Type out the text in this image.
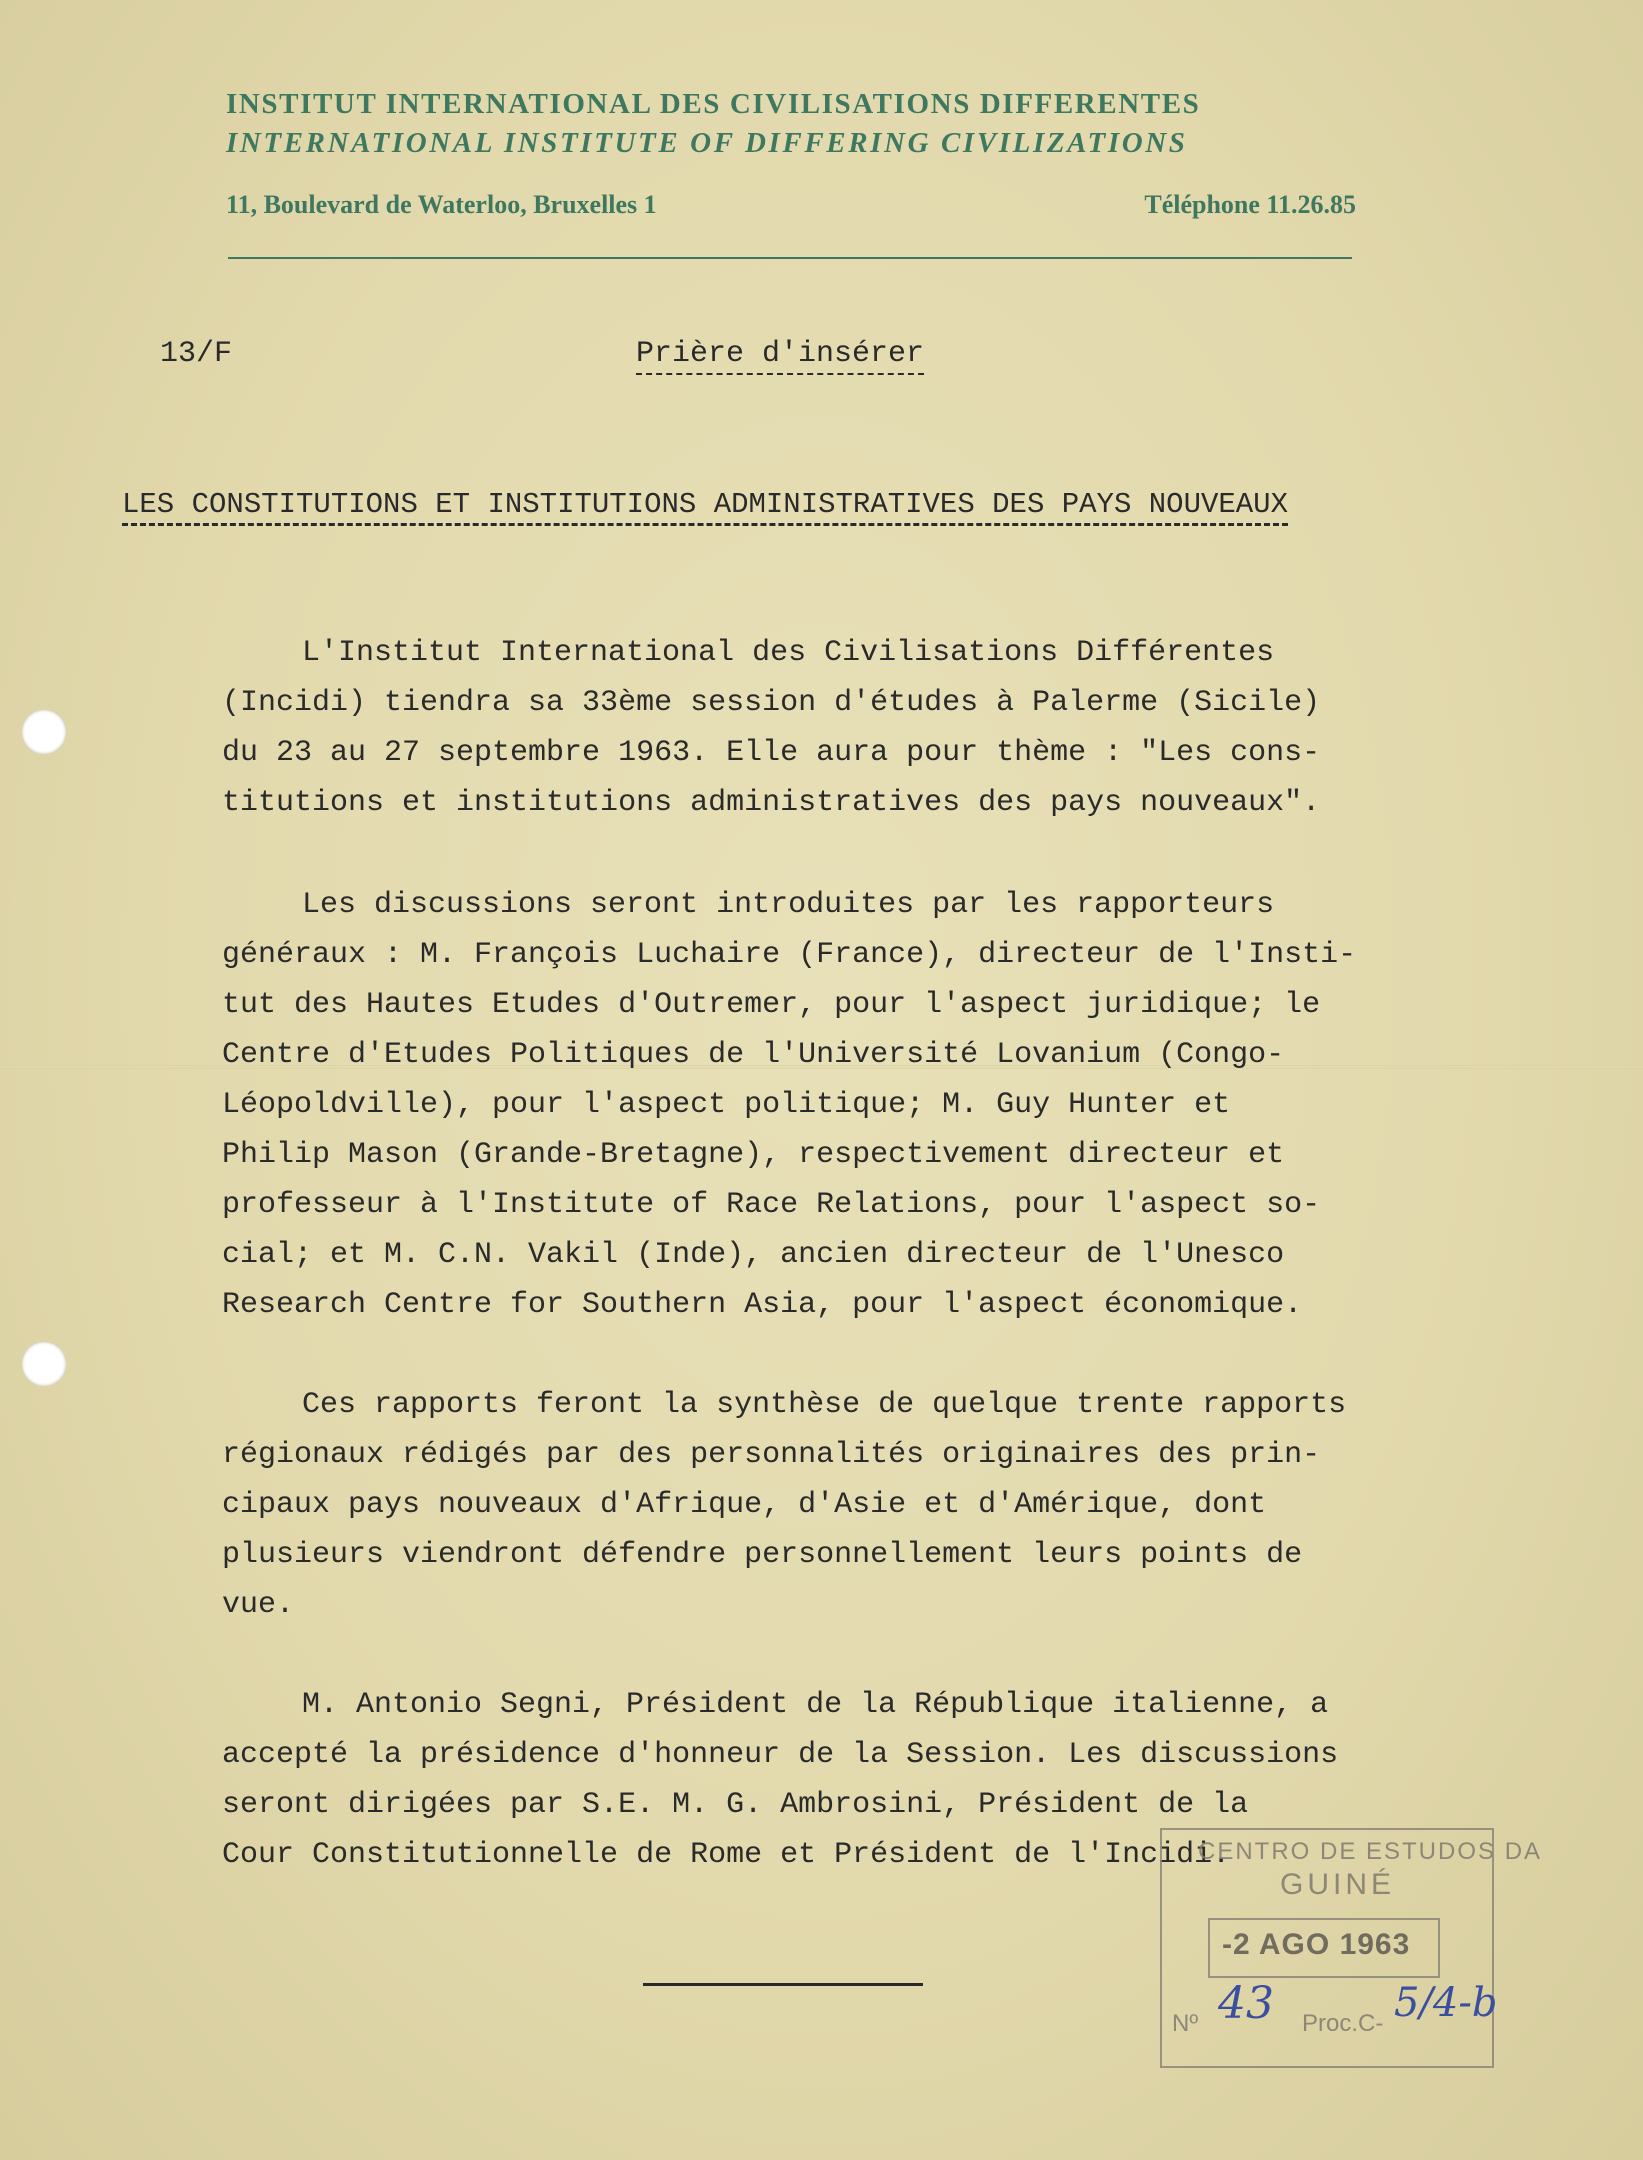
INSTITUT INTERNATIONAL DES CIVILISATIONS DIFFERENTES
INTERNATIONAL INSTITUTE OF DIFFERING CIVILIZATIONS
11, Boulevard de Waterloo, Bruxelles 1	Téléphone 11.26.85
13/F	Prière d'insérer
LES CONSTITUTIONS ET INSTITUTIONS ADMINISTRATIVES DES PAYS NOUVEAUX
L'Institut International des Civilisations Différentes
(Incidi) tiendra sa 33ème session d'études à Palerme (Sicile)
du 23 au 27 septembre 1963. Elle aura pour thème : "Les cons-
titutions et institutions administratives des pays nouveaux".
Les discussions seront introduites par les rapporteurs
généraux : M. François Luchaire (France), directeur de l'Insti-
tut des Hautes Etudes d'Outremer, pour l'aspect juridique; le
Centre d'Etudes Politiques de l'Université Lovanium (Congo-
Léopoldville), pour l'aspect politique; M. Guy Hunter et
Philip Mason (Grande-Bretagne), respectivement directeur et
professeur à l'Institute of Race Relations, pour l'aspect so-
cial; et M. C.N. Vakil (Inde), ancien directeur de l'Unesco
Research Centre for Southern Asia, pour l'aspect économique.
Ces rapports feront la synthèse de quelque trente rapports
régionaux rédigés par des personnalités originaires des prin-
cipaux pays nouveaux d'Afrique, d'Asie et d'Amérique, dont
plusieurs viendront défendre personnellement leurs points de
vue.
M. Antonio Segni, Président de la République italienne, a
accepté la présidence d'honneur de la Session. Les discussions
seront dirigées par S.E. M. G. Ambrosini, Président de la
Cour Constitutionnelle de Rome et Président de l'Incidi.
CENTRO DE ESTUDOS DA
GUINÉ
-2 AGO 1963
Nº	Proc.C-
43	5/4-b
